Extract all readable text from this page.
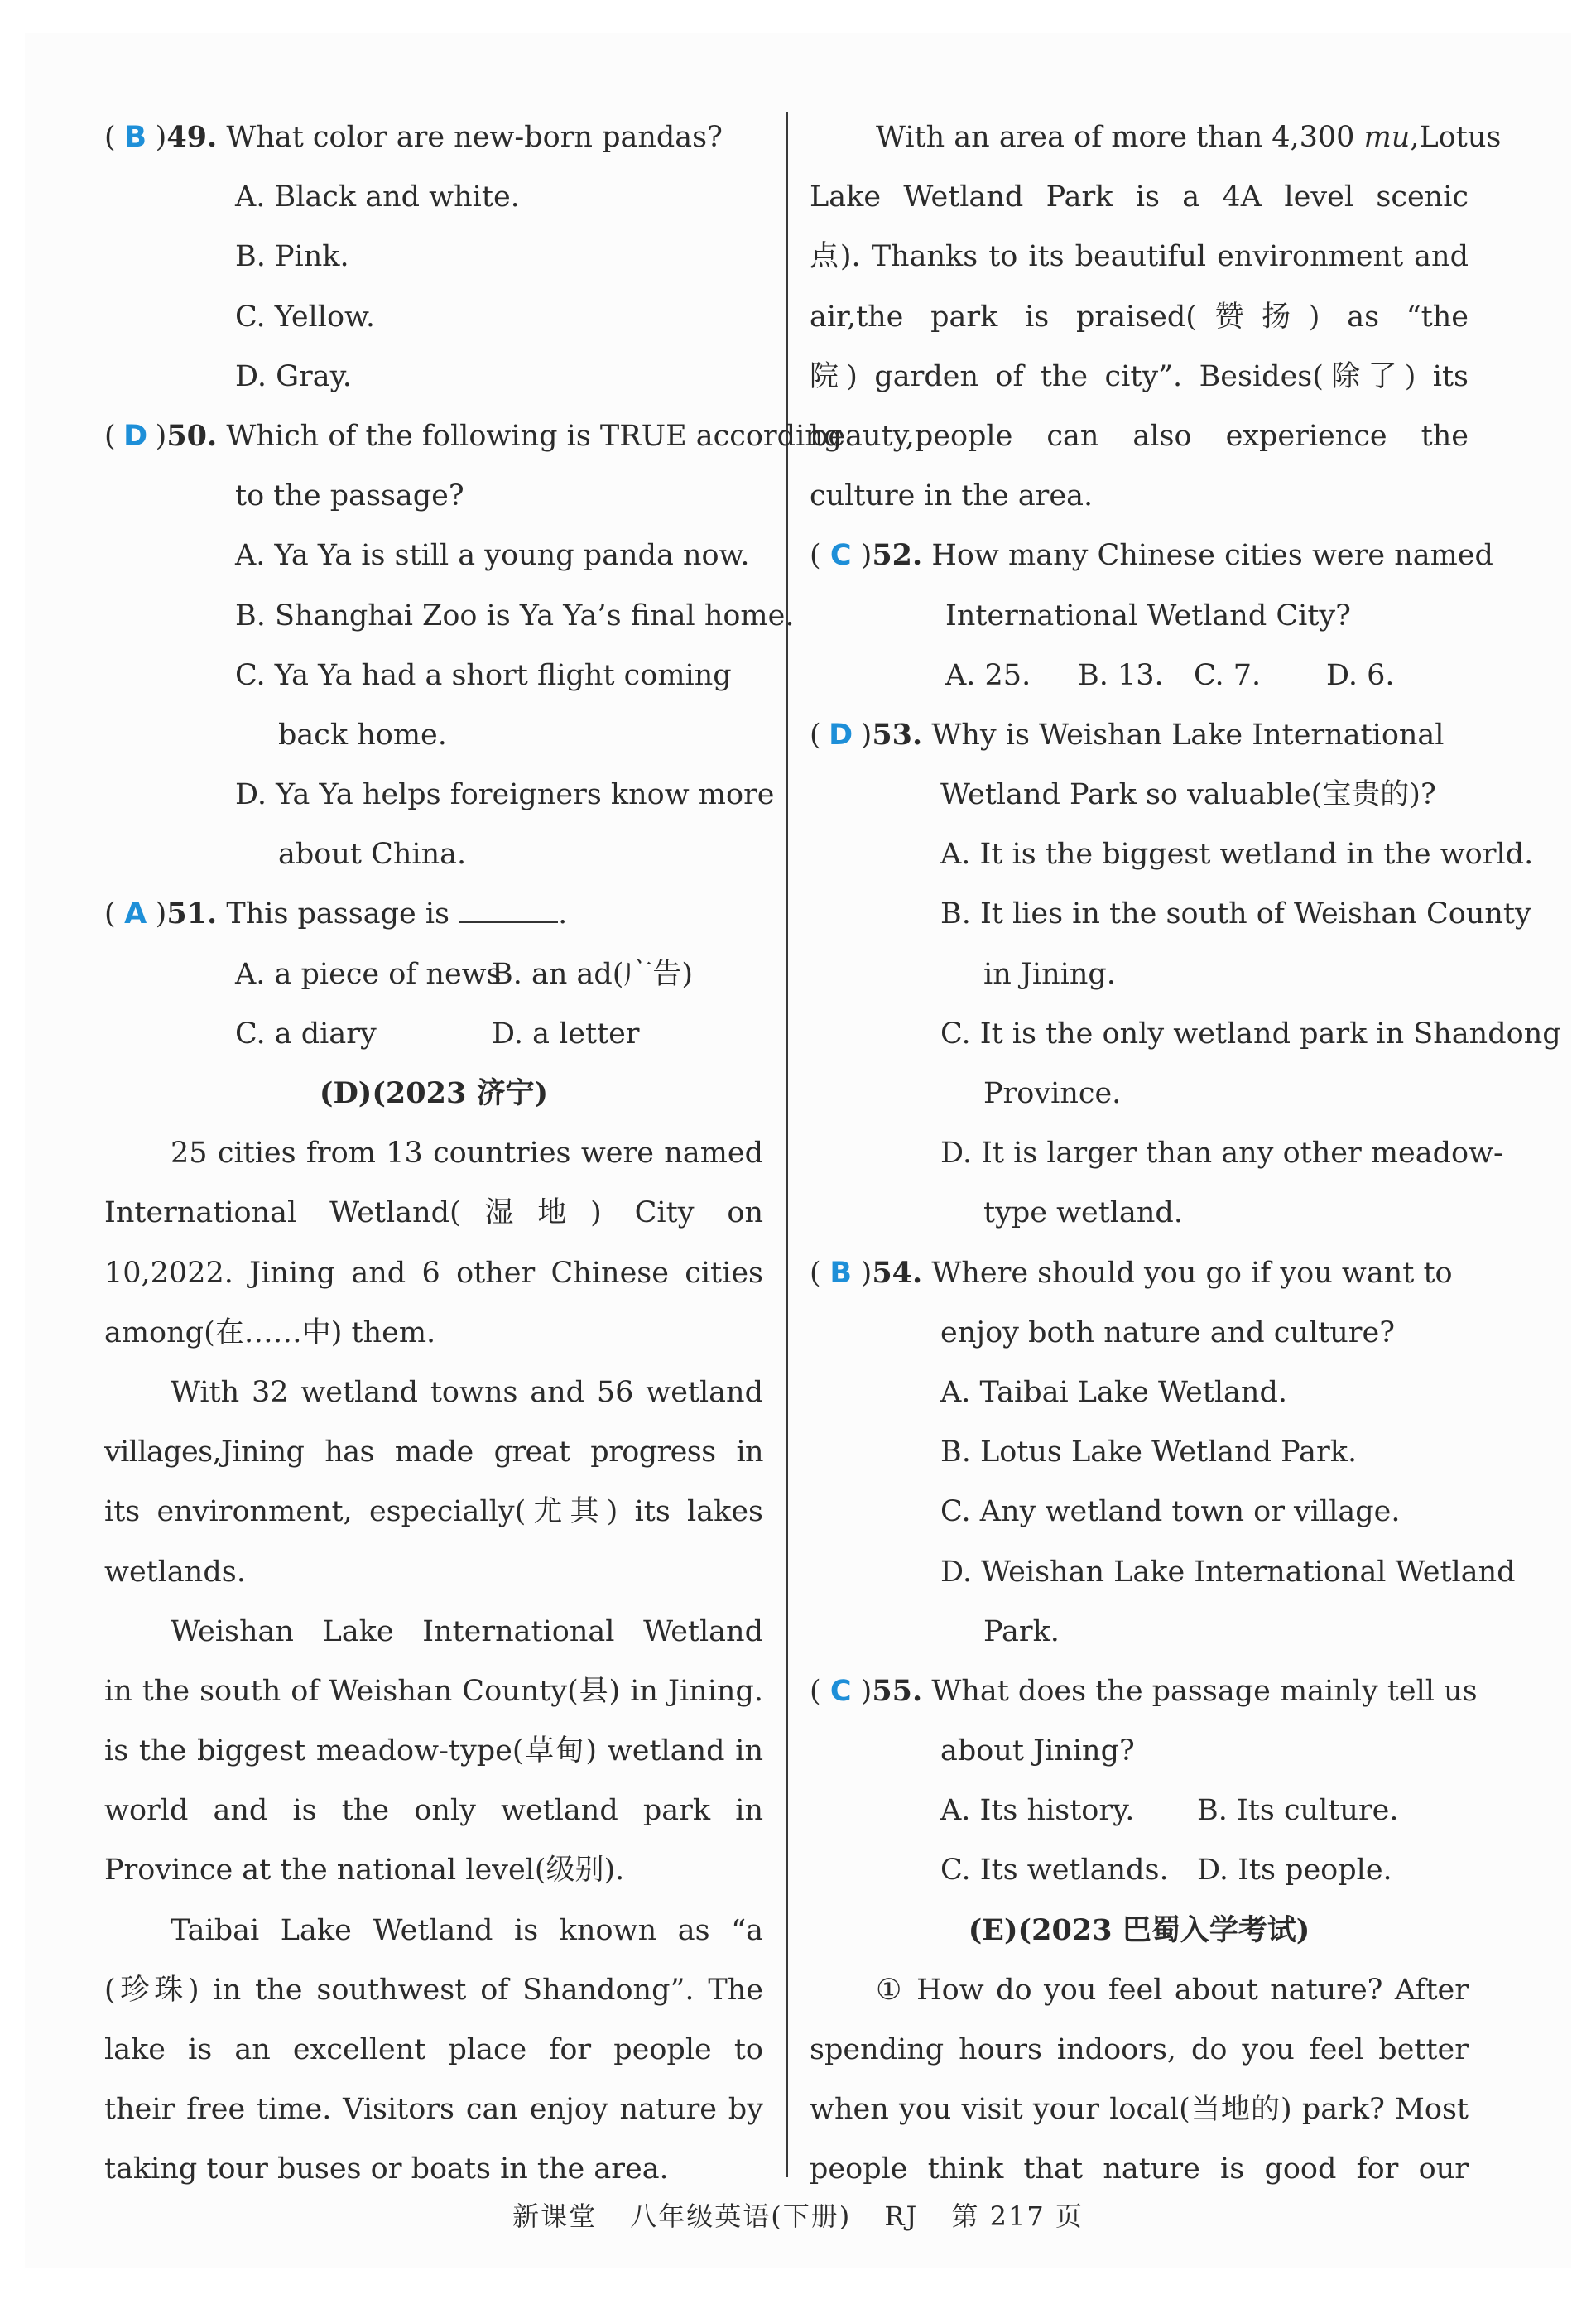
( B )49. What color are new-born pandas?
A. Black and white.
B. Pink.
C. Yellow.
D. Gray.
( D )50. Which of the following is TRUE according
to the passage?
A. Ya Ya is still a young panda now.
B. Shanghai Zoo is Ya Ya’s final home.
C. Ya Ya had a short flight coming
back home.
D. Ya Ya helps foreigners know more
about China.
( A )51. This passage is	.
A. a piece of newsB. an ad(广告)
C. a diary	D. a letter
(D)(2023 济宁)
25 cities from 13 countries were named
International Wetland(湿地) City on
10,2022. Jining and 6 other Chinese cities
among(在……中) them.
With 32 wetland towns and 56 wetland
villages,Jining has made great progress in
its environment, especially(尤其) its lakes
wetlands.
Weishan Lake International Wetland
in the south of Weishan County(县) in Jining.
is the biggest meadow-type(草甸) wetland in
world and is the only wetland park in
Province at the national level(级别).
Taibai Lake Wetland is known as “a
(珍珠) in the southwest of Shandong”. The
lake is an excellent place for people to
their free time. Visitors can enjoy nature by
taking tour buses or boats in the area.
With an area of more than 4,300 mu,Lotus
Lake Wetland Park is a 4A level scenic
点). Thanks to its beautiful environment and
air,the park is praised(赞扬) as “the
院) garden of the city”. Besides(除了) its
beauty,people can also experience the
culture in the area.
( C )52. How many Chinese cities were named
International Wetland City?
A. 25. B. 13. C. 7. D. 6.
( D )53. Why is Weishan Lake International
Wetland Park so valuable(宝贵的)?
A. It is the biggest wetland in the world.
B. It lies in the south of Weishan County
in Jining.
C. It is the only wetland park in Shandong
Province.
D. It is larger than any other meadow-
type wetland.
( B )54. Where should you go if you want to
enjoy both nature and culture?
A. Taibai Lake Wetland.
B. Lotus Lake Wetland Park.
C. Any wetland town or village.
D. Weishan Lake International Wetland
Park.
( C )55. What does the passage mainly tell us
about Jining?
A. Its history. B. Its culture.
C. Its wetlands. D. Its people.
(E)(2023 巴蜀入学考试)
① How do you feel about nature? After
spending hours indoors, do you feel better
when you visit your local(当地的) park? Most
people think that nature is good for our
新课堂 八年级英语(下册) RJ 第 217 页
